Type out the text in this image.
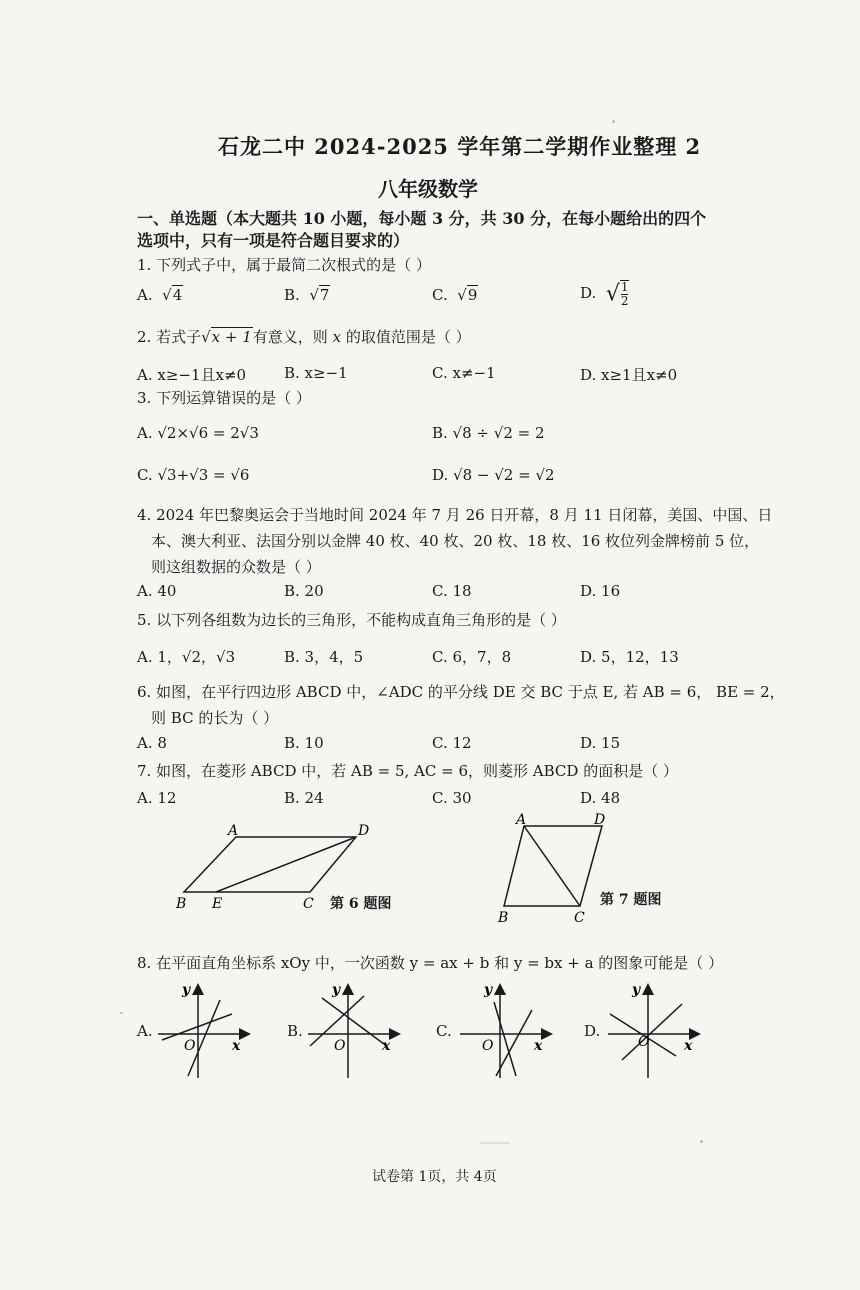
石龙二中 2024-2025 学年第二学期作业整理 2
八年级数学
一、单选题（本大题共 10 小题，每小题 3 分，共 30 分，在每小题给出的四个
选项中，只有一项是符合题目要求的）
1. 下列式子中，属于最简二次根式的是（ ）
A.  √4	B.  √7	C.  √9	D. √ $\frac{1}{2}$
2. 若式子√x + 1有意义，则 x 的取值范围是（ ）
A. x≥−1且x≠0	B. x≥−1	C. x≠−1	D. x≥1且x≠0
3. 下列运算错误的是（ ）
A. √2×√6 = 2√3	B. √8 ÷ √2 = 2
C. √3+√3 = √6	D. √8 − √2 = √2
4. 2024 年巴黎奥运会于当地时间 2024 年 7 月 26 日开幕，8 月 11 日闭幕，美国、中国、日
本、澳大利亚、法国分别以金牌 40 枚、40 枚、20 枚、18 枚、16 枚位列金牌榜前 5 位，
则这组数据的众数是（ ）
A. 40	B. 20	C. 18	D. 16
5. 以下列各组数为边长的三角形，不能构成直角三角形的是（ ）
A. 1，√2，√3	B. 3，4，5	C. 6，7，8	D. 5，12，13
6. 如图，在平行四边形 ABCD 中，∠ADC 的平分线 DE 交 BC 于点 E, 若 AB = 6， BE = 2，
则 BC 的长为（ ）
A. 8	B. 10	C. 12	D. 15
7. 如图，在菱形 ABCD 中，若 AB = 5, AC = 6，则菱形 ABCD 的面积是（ ）
A. 12	B. 24	C. 30	D. 48
A	D
B E	C 第 6 题图
A	D
B	C
第 7 题图
8. 在平面直角坐标系 xOy 中，一次函数 y = ax + b 和 y = bx + a 的图象可能是（ ）
A.
y
x
O
B.
y
x
O
C.
y
x
O
D.
y
x
O
试卷第 1页，共 4页
